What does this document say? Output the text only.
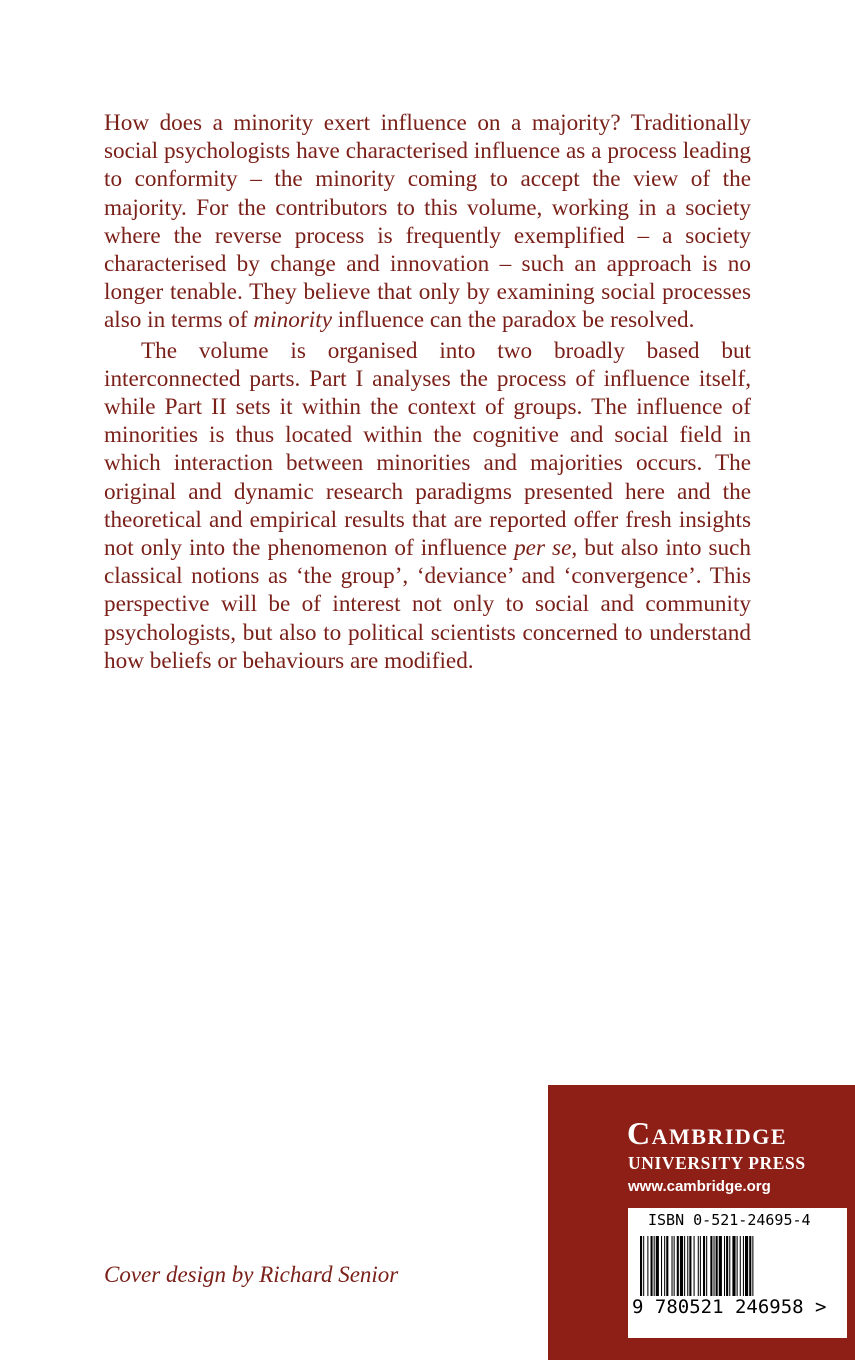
How does a minority exert influence on a majority? Traditionally social psychologists have characterised influence as a process leading to conformity – the minority coming to accept the view of the majority. For the contributors to this volume, working in a society where the reverse process is frequently exemplified – a society characterised by change and innovation – such an approach is no longer tenable. They believe that only by examining social processes also in terms of minority influence can the paradox be resolved.

The volume is organised into two broadly based but interconnected parts. Part I analyses the process of influence itself, while Part II sets it within the context of groups. The influence of minorities is thus located within the cognitive and social field in which interaction between minorities and majorities occurs. The original and dynamic research paradigms presented here and the theoretical and empirical results that are reported offer fresh insights not only into the phenomenon of influence per se, but also into such classical notions as ‘the group’, ‘deviance’ and ‘convergence’. This perspective will be of interest not only to social and community psychologists, but also to political scientists concerned to understand how beliefs or behaviours are modified.

Cover design by Richard Senior
Cambridge
UNIVERSITY PRESS
www.cambridge.org
ISBN 0-521-24695-4
9 780521 246958 >
